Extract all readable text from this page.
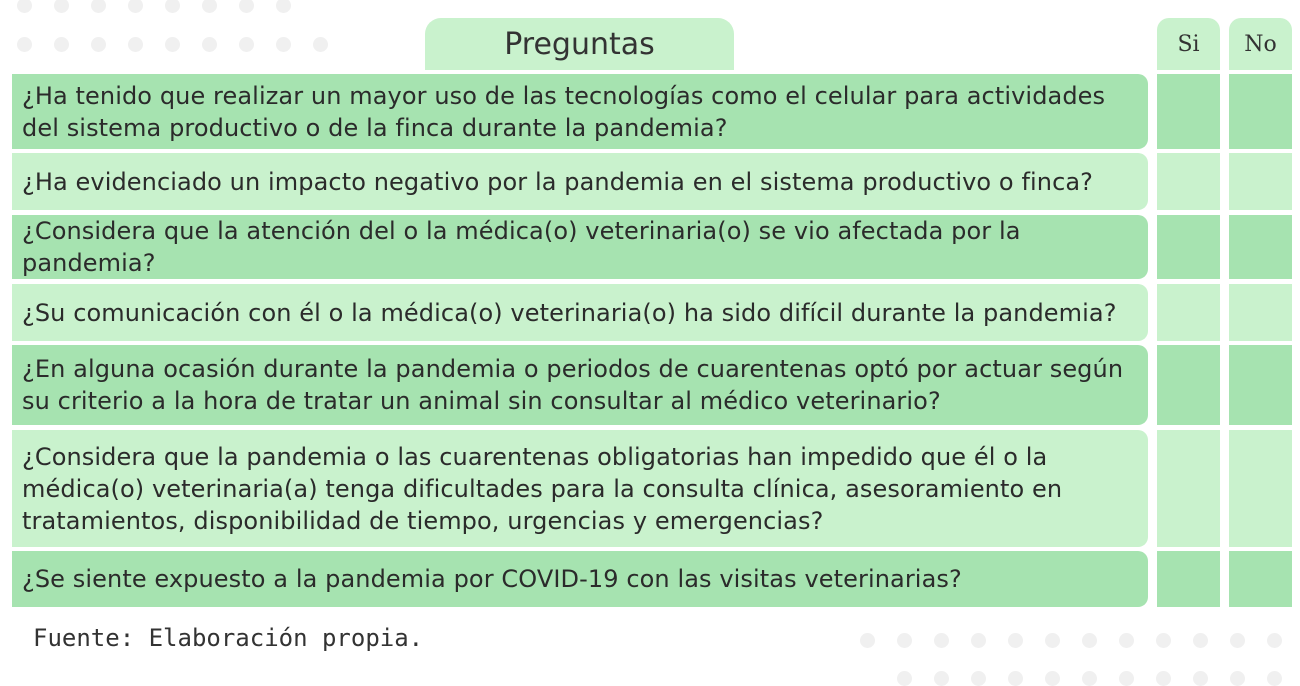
Preguntas	Si	No
¿Ha tenido que realizar un mayor uso de las tecnologías como el celular para actividades del sistema productivo o de la finca durante la pandemia?
¿Ha evidenciado un impacto negativo por la pandemia en el sistema productivo o finca?
¿Considera que la atención del o la médica(o) veterinaria(o) se vio afectada por la pandemia?
¿Su comunicación con él o la médica(o) veterinaria(o) ha sido difícil durante la pandemia?
¿En alguna ocasión durante la pandemia o periodos de cuarentenas optó por actuar según su criterio a la hora de tratar un animal sin consultar al médico veterinario?
¿Considera que la pandemia o las cuarentenas obligatorias han impedido que él o la médica(o) veterinaria(a) tenga dificultades para la consulta clínica, asesoramiento en tratamientos, disponibilidad de tiempo, urgencias y emergencias?
¿Se siente expuesto a la pandemia por COVID-19 con las visitas veterinarias?
Fuente: Elaboración propia.
